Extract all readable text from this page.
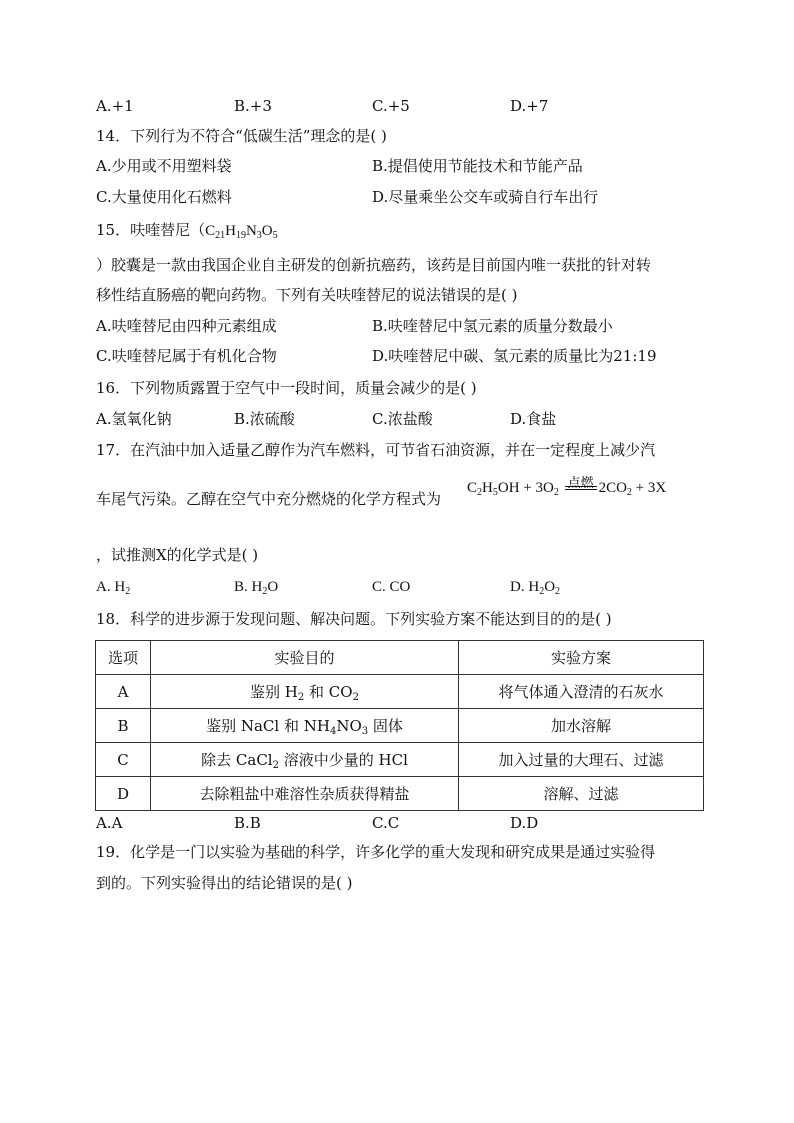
A.+1	B.+3	C.+5	D.+7
14．下列行为不符合“低碳生活”理念的是( )
A.少用或不用塑料袋	B.提倡使用节能技术和节能产品
C.大量使用化石燃料	D.尽量乘坐公交车或骑自行车出行
15．呋喹替尼（$C_{21}H_{19}N_3O_5$
）胶囊是一款由我国企业自主研发的创新抗癌药，该药是目前国内唯一获批的针对转
移性结直肠癌的靶向药物。下列有关呋喹替尼的说法错误的是( )
A.呋喹替尼由四种元素组成	B.呋喹替尼中氢元素的质量分数最小
C.呋喹替尼属于有机化合物	D.呋喹替尼中碳、氢元素的质量比为21:19
16．下列物质露置于空气中一段时间，质量会减少的是( )
A.氢氧化钠	B.浓硫酸	C.浓盐酸	D.食盐
17．在汽油中加入适量乙醇作为汽车燃料，可节省石油资源，并在一定程度上减少汽
车尾气污染。乙醇在空气中充分燃烧的化学方程式为
$C_2H_5OH + 3O_2$
点燃 $2CO_2 + 3X$
，试推测X的化学式是( )
A. $H_2$	B. $H_2O$	C. CO	D. $H_2O_2$
18．科学的进步源于发现问题、解决问题。下列实验方案不能达到目的的是( )
选项	实验目的	实验方案
A	鉴别 $H_2$ 和 $CO_2$	将气体通入澄清的石灰水
B	鉴别 NaCl 和 $NH_4NO_3$ 固体	加水溶解
C	除去 CaCl$_2$ 溶液中少量的 HCl	加入过量的大理石、过滤
D	去除粗盐中难溶性杂质获得精盐	溶解、过滤
A.A	B.B	C.C	D.D
19．化学是一门以实验为基础的科学，许多化学的重大发现和研究成果是通过实验得
到的。下列实验得出的结论错误的是( )
